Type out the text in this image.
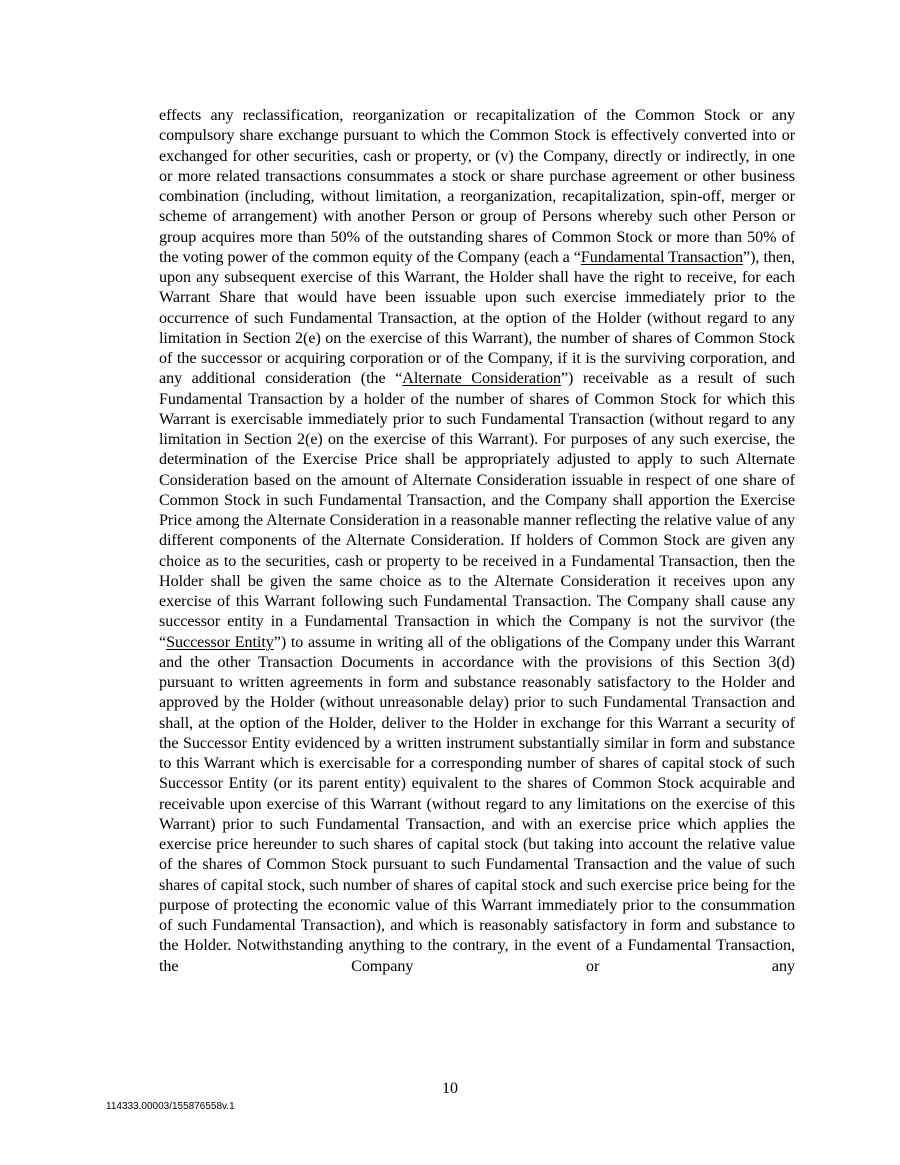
effects any reclassification, reorganization or recapitalization of the Common Stock or any compulsory share exchange pursuant to which the Common Stock is effectively converted into or exchanged for other securities, cash or property, or (v) the Company, directly or indirectly, in one or more related transactions consummates a stock or share purchase agreement or other business combination (including, without limitation, a reorganization, recapitalization, spin-off, merger or scheme of arrangement) with another Person or group of Persons whereby such other Person or group acquires more than 50% of the outstanding shares of Common Stock or more than 50% of the voting power of the common equity of the Company (each a “Fundamental Transaction”), then, upon any subsequent exercise of this Warrant, the Holder shall have the right to receive, for each Warrant Share that would have been issuable upon such exercise immediately prior to the occurrence of such Fundamental Transaction, at the option of the Holder (without regard to any limitation in Section 2(e) on the exercise of this Warrant), the number of shares of Common Stock of the successor or acquiring corporation or of the Company, if it is the surviving corporation, and any additional consideration (the “Alternate Consideration”) receivable as a result of such Fundamental Transaction by a holder of the number of shares of Common Stock for which this Warrant is exercisable immediately prior to such Fundamental Transaction (without regard to any limitation in Section 2(e) on the exercise of this Warrant). For purposes of any such exercise, the determination of the Exercise Price shall be appropriately adjusted to apply to such Alternate Consideration based on the amount of Alternate Consideration issuable in respect of one share of Common Stock in such Fundamental Transaction, and the Company shall apportion the Exercise Price among the Alternate Consideration in a reasonable manner reflecting the relative value of any different components of the Alternate Consideration. If holders of Common Stock are given any choice as to the securities, cash or property to be received in a Fundamental Transaction, then the Holder shall be given the same choice as to the Alternate Consideration it receives upon any exercise of this Warrant following such Fundamental Transaction. The Company shall cause any successor entity in a Fundamental Transaction in which the Company is not the survivor (the “Successor Entity”) to assume in writing all of the obligations of the Company under this Warrant and the other Transaction Documents in accordance with the provisions of this Section 3(d) pursuant to written agreements in form and substance reasonably satisfactory to the Holder and approved by the Holder (without unreasonable delay) prior to such Fundamental Transaction and shall, at the option of the Holder, deliver to the Holder in exchange for this Warrant a security of the Successor Entity evidenced by a written instrument substantially similar in form and substance to this Warrant which is exercisable for a corresponding number of shares of capital stock of such Successor Entity (or its parent entity) equivalent to the shares of Common Stock acquirable and receivable upon exercise of this Warrant (without regard to any limitations on the exercise of this Warrant) prior to such Fundamental Transaction, and with an exercise price which applies the exercise price hereunder to such shares of capital stock (but taking into account the relative value of the shares of Common Stock pursuant to such Fundamental Transaction and the value of such shares of capital stock, such number of shares of capital stock and such exercise price being for the purpose of protecting the economic value of this Warrant immediately prior to the consummation of such Fundamental Transaction), and which is reasonably satisfactory in form and substance to the Holder. Notwithstanding anything to the contrary, in the event of a Fundamental Transaction, the Company or any

10
114333.00003/155876558v.1
